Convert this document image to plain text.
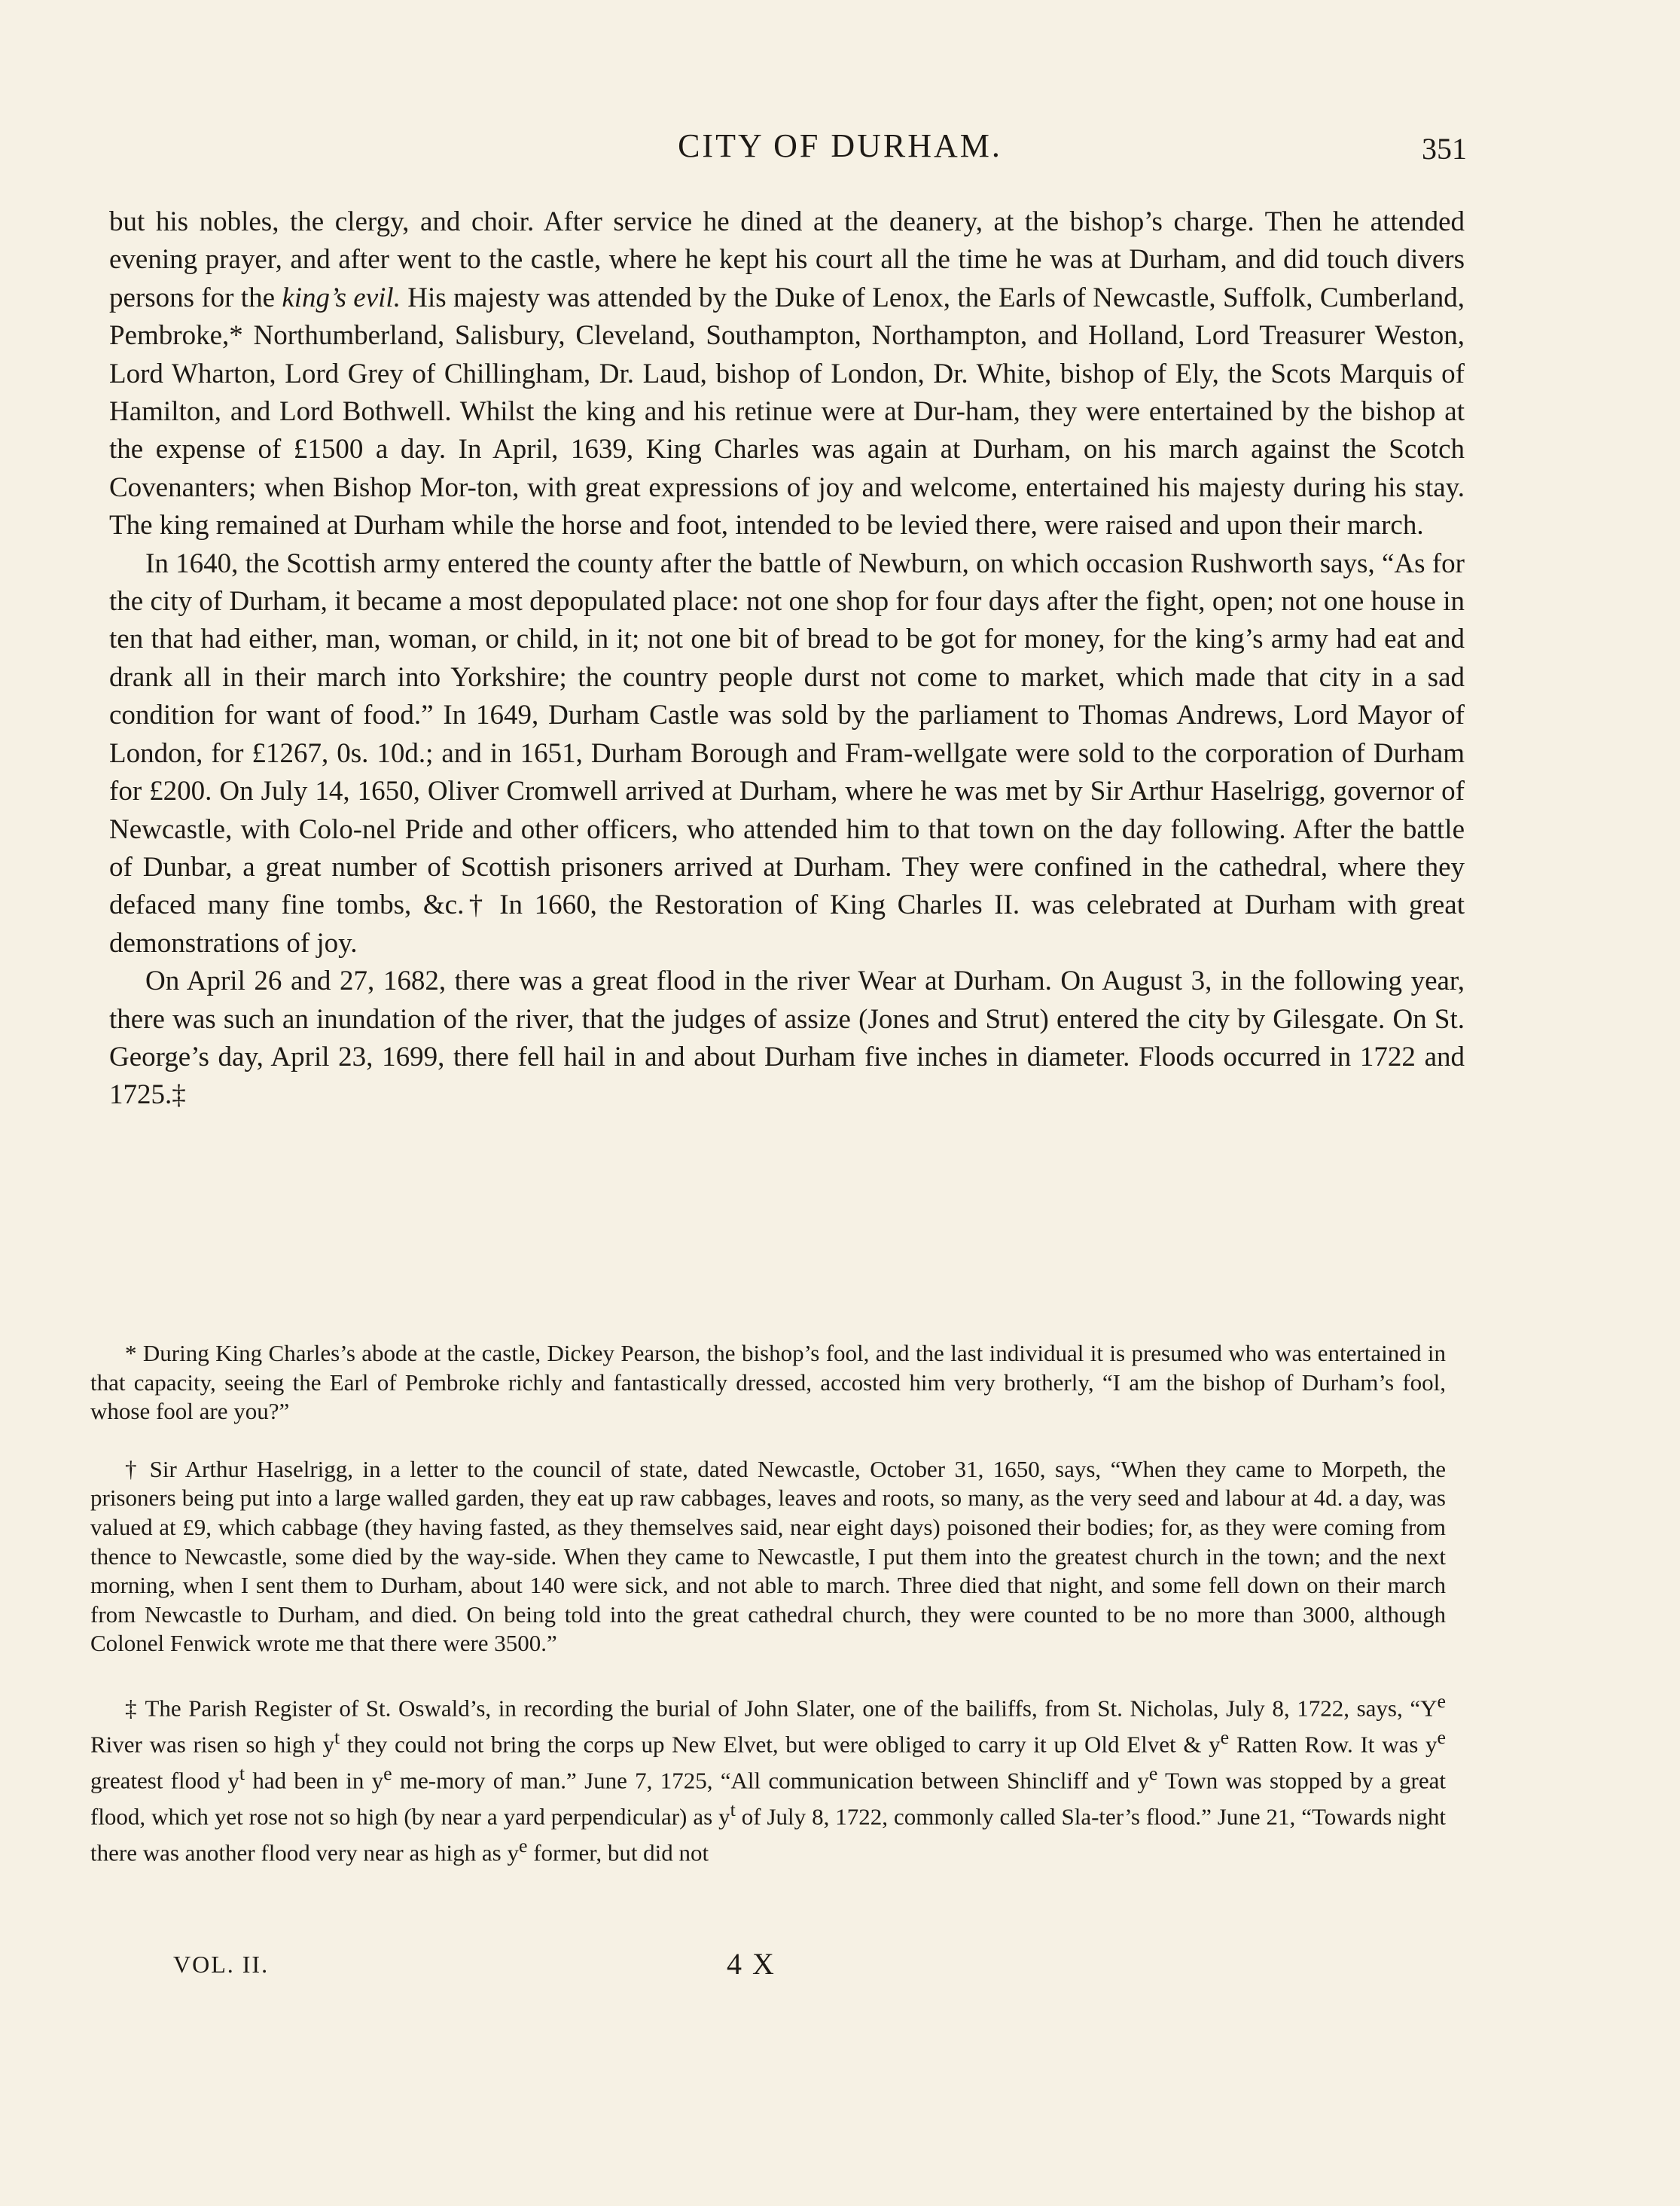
CITY OF DURHAM.	351

but his nobles, the clergy, and choir. After service he dined at the deanery, at the bishop’s charge. Then he attended evening prayer, and after went to the castle, where he kept his court all the time he was at Durham, and did touch divers persons for the king’s evil. His majesty was attended by the Duke of Lenox, the Earls of Newcastle, Suffolk, Cumberland, Pembroke,* Northumberland, Salisbury, Cleveland, Southampton, Northampton, and Holland, Lord Treasurer Weston, Lord Wharton, Lord Grey of Chillingham, Dr. Laud, bishop of London, Dr. White, bishop of Ely, the Scots Marquis of Hamilton, and Lord Bothwell. Whilst the king and his retinue were at Dur-ham, they were entertained by the bishop at the expense of £1500 a day. In April, 1639, King Charles was again at Durham, on his march against the Scotch Covenanters; when Bishop Mor-ton, with great expressions of joy and welcome, entertained his majesty during his stay. The king remained at Durham while the horse and foot, intended to be levied there, were raised and upon their march.

In 1640, the Scottish army entered the county after the battle of Newburn, on which occasion Rushworth says, “As for the city of Durham, it became a most depopulated place: not one shop for four days after the fight, open; not one house in ten that had either, man, woman, or child, in it; not one bit of bread to be got for money, for the king’s army had eat and drank all in their march into Yorkshire; the country people durst not come to market, which made that city in a sad condition for want of food.” In 1649, Durham Castle was sold by the parliament to Thomas Andrews, Lord Mayor of London, for £1267, 0s. 10d.; and in 1651, Durham Borough and Fram-wellgate were sold to the corporation of Durham for £200. On July 14, 1650, Oliver Cromwell arrived at Durham, where he was met by Sir Arthur Haselrigg, governor of Newcastle, with Colo-nel Pride and other officers, who attended him to that town on the day following. After the battle of Dunbar, a great number of Scottish prisoners arrived at Durham. They were confined in the cathedral, where they defaced many fine tombs, &c.† In 1660, the Restoration of King Charles II. was celebrated at Durham with great demonstrations of joy.

On April 26 and 27, 1682, there was a great flood in the river Wear at Durham. On August 3, in the following year, there was such an inundation of the river, that the judges of assize (Jones and Strut) entered the city by Gilesgate. On St. George’s day, April 23, 1699, there fell hail in and about Durham five inches in diameter. Floods occurred in 1722 and 1725.‡

* During King Charles’s abode at the castle, Dickey Pearson, the bishop’s fool, and the last individual it is presumed who was entertained in that capacity, seeing the Earl of Pembroke richly and fantastically dressed, accosted him very brotherly, “I am the bishop of Durham’s fool, whose fool are you?”

† Sir Arthur Haselrigg, in a letter to the council of state, dated Newcastle, October 31, 1650, says, “When they came to Morpeth, the prisoners being put into a large walled garden, they eat up raw cabbages, leaves and roots, so many, as the very seed and labour at 4d. a day, was valued at £9, which cabbage (they having fasted, as they themselves said, near eight days) poisoned their bodies; for, as they were coming from thence to Newcastle, some died by the way-side. When they came to Newcastle, I put them into the greatest church in the town; and the next morning, when I sent them to Durham, about 140 were sick, and not able to march. Three died that night, and some fell down on their march from Newcastle to Durham, and died. On being told into the great cathedral church, they were counted to be no more than 3000, although Colonel Fenwick wrote me that there were 3500.”

‡ The Parish Register of St. Oswald’s, in recording the burial of John Slater, one of the bailiffs, from St. Nicholas, July 8, 1722, says, “$Y^e$ River was risen so high $y^t$ they could not bring the corps up New Elvet, but were obliged to carry it up Old Elvet & $y^e$ Ratten Row. It was $y^e$ greatest flood $y^t$ had been in $y^e$ me-mory of man.” June 7, 1725, “All communication between Shincliff and $y^e$ Town was stopped by a great flood, which yet rose not so high (by near a yard perpendicular) as $y^t$ of July 8, 1722, commonly called Sla-ter’s flood.” June 21, “Towards night there was another flood very near as high as $y^e$ former, but did not

VOL. II.	4 X
